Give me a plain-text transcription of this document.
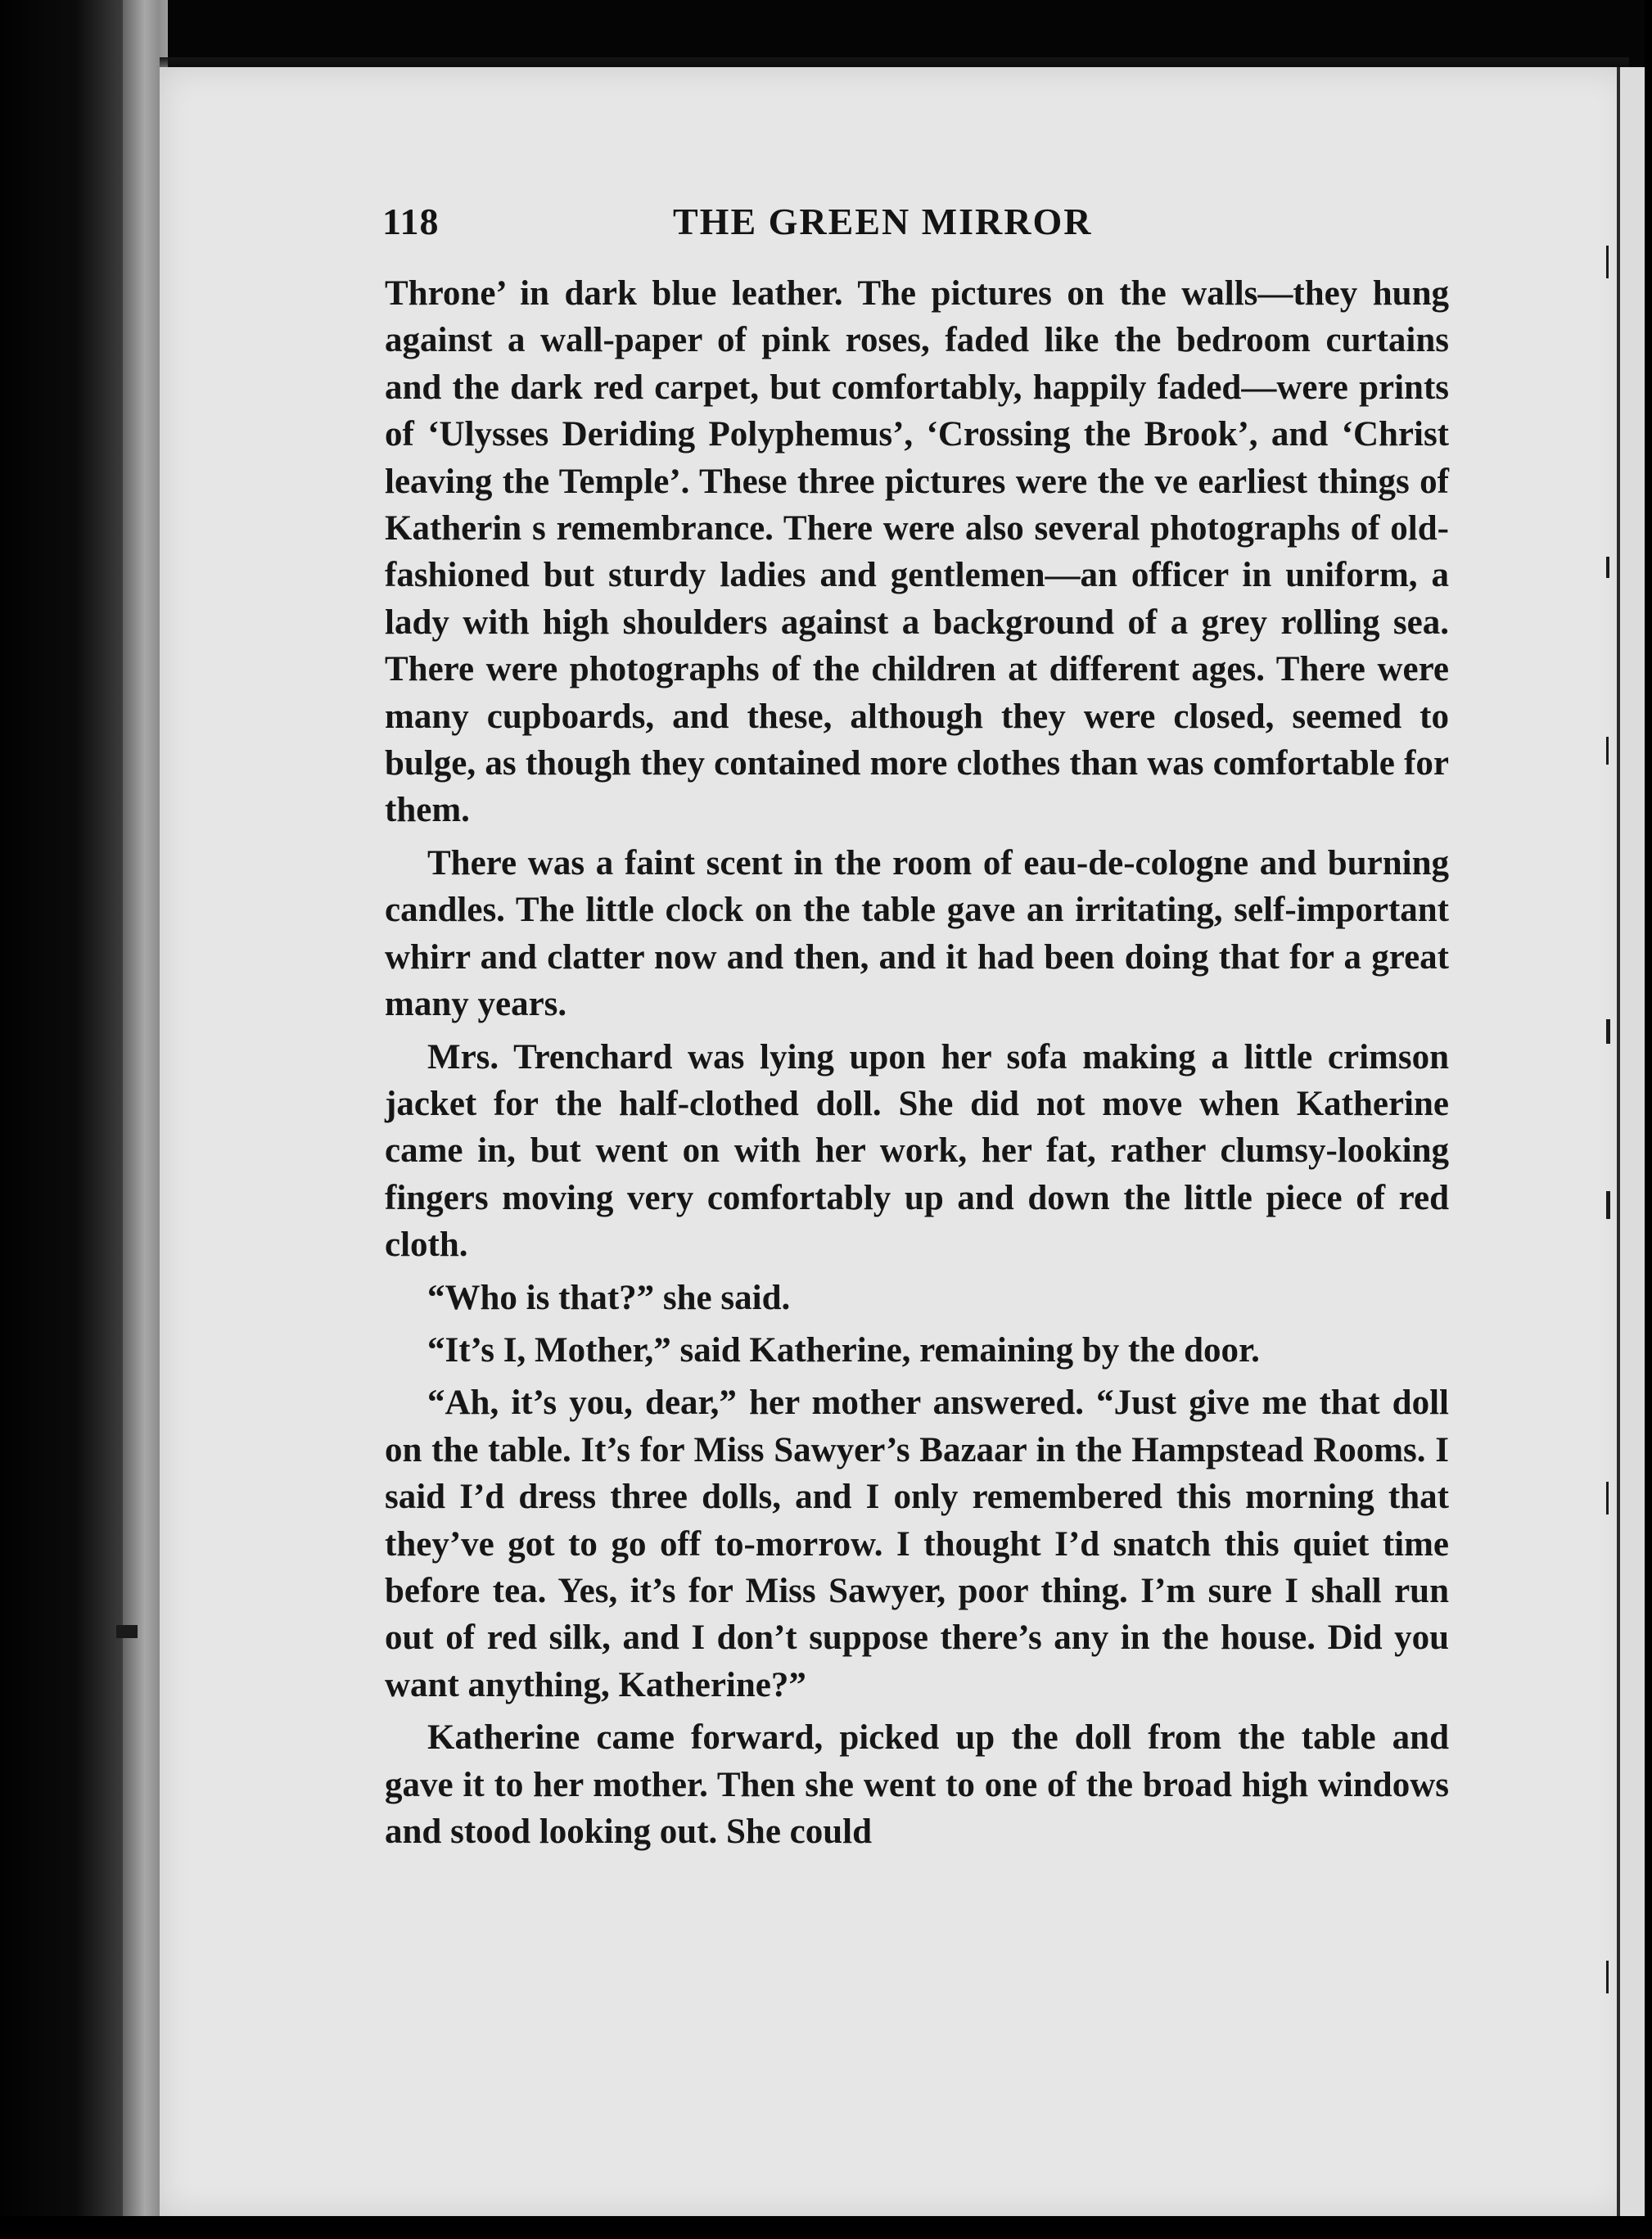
118	THE GREEN MIRROR

Throne’ in dark blue leather. The pictures on the walls—they hung against a wall-paper of pink roses, faded like the bedroom curtains and the dark red carpet, but comfortably, happily faded—were prints of ‘Ulysses Deriding Polyphemus’, ‘Crossing the Brook’, and ‘Christ leaving the Temple’. These three pictures were the ve earliest things of Katherin s remembrance. There were also several photographs of old-fashioned but sturdy ladies and gentlemen—an officer in uniform, a lady with high shoulders against a background of a grey rolling sea. There were photographs of the children at different ages. There were many cupboards, and these, although they were closed, seemed to bulge, as though they contained more clothes than was comfortable for them.

There was a faint scent in the room of eau-de-cologne and burning candles. The little clock on the table gave an irritating, self-important whirr and clatter now and then, and it had been doing that for a great many years.

Mrs. Trenchard was lying upon her sofa making a little crimson jacket for the half-clothed doll. She did not move when Katherine came in, but went on with her work, her fat, rather clumsy-looking fingers moving very comfortably up and down the little piece of red cloth.

“Who is that?” she said.

“It’s I, Mother,” said Katherine, remaining by the door.

“Ah, it’s you, dear,” her mother answered. “Just give me that doll on the table. It’s for Miss Sawyer’s Bazaar in the Hampstead Rooms. I said I’d dress three dolls, and I only remembered this morning that they’ve got to go off to-morrow. I thought I’d snatch this quiet time before tea. Yes, it’s for Miss Sawyer, poor thing. I’m sure I shall run out of red silk, and I don’t suppose there’s any in the house. Did you want anything, Katherine?”

Katherine came forward, picked up the doll from the table and gave it to her mother. Then she went to one of the broad high windows and stood looking out. She could
